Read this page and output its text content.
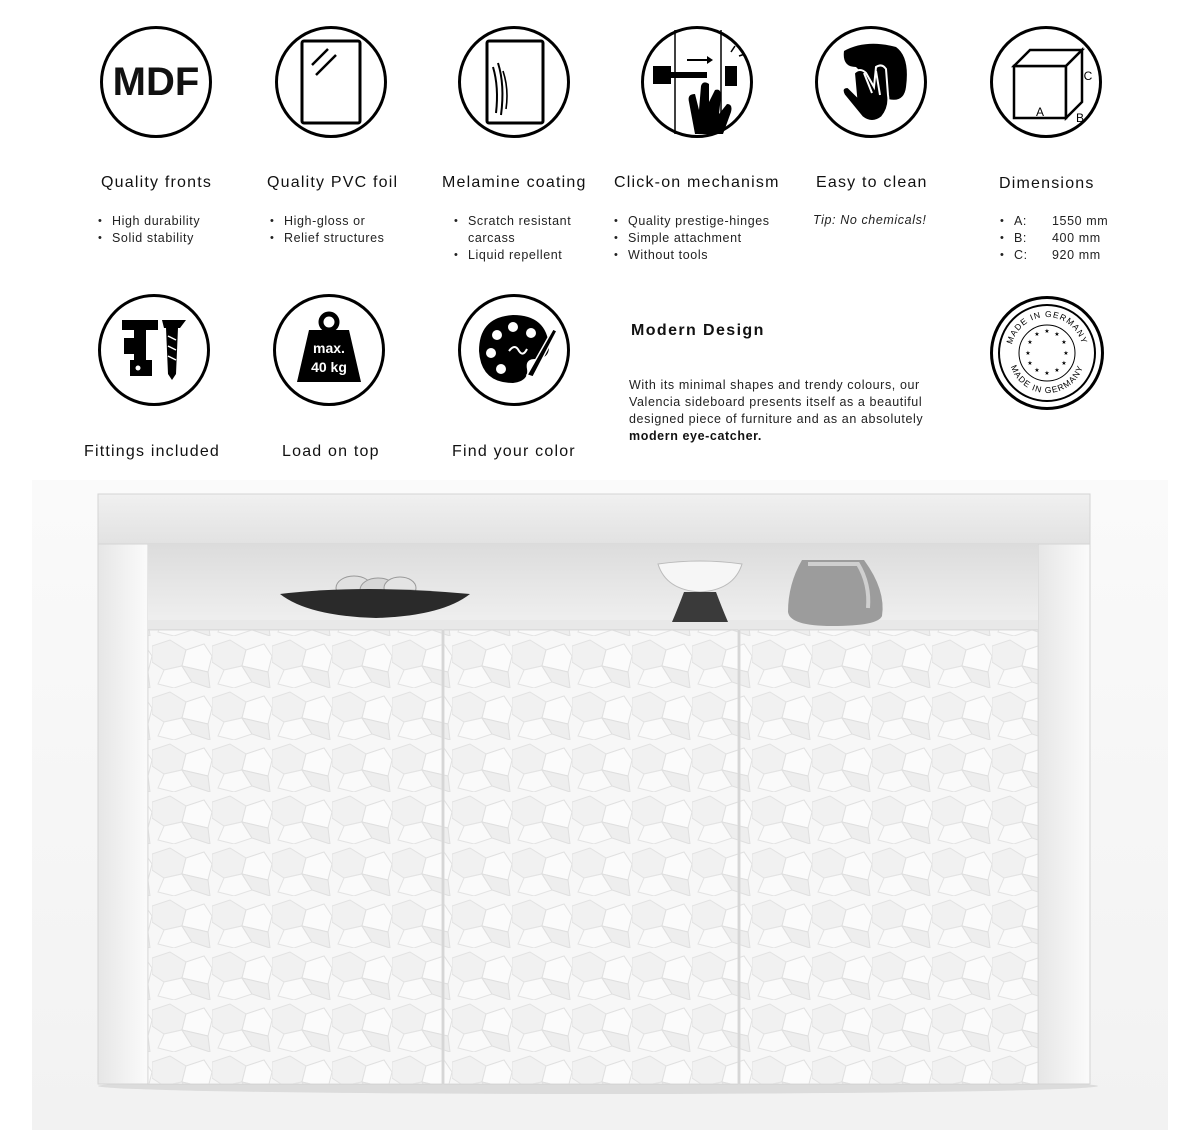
MDF
Quality fronts
• High durability
• Solid stability
Quality PVC foil
• High-gloss or
• Relief structures
Melamine coating
• Scratch resistant carcass
• Liquid repellent
Click-on mechanism
• Quality prestige-hinges
• Simple attachment
• Without tools
Easy to clean
Tip: No chemicals!
A	B
C
Dimensions
• A:	1550 mm
• B:	400 mm
• C:	920 mm
Fittings included
max.
40 kg
Load on top	Find your color
Modern Design
With its minimal shapes and trendy colours, our Valencia sideboard presents itself as a beautiful designed piece of furniture and as an absolutely modern eye-catcher.
MADE IN GERMANY
MADE IN GERMANY
★ ★
★
★
★
★
★
★
★
★
★
★
